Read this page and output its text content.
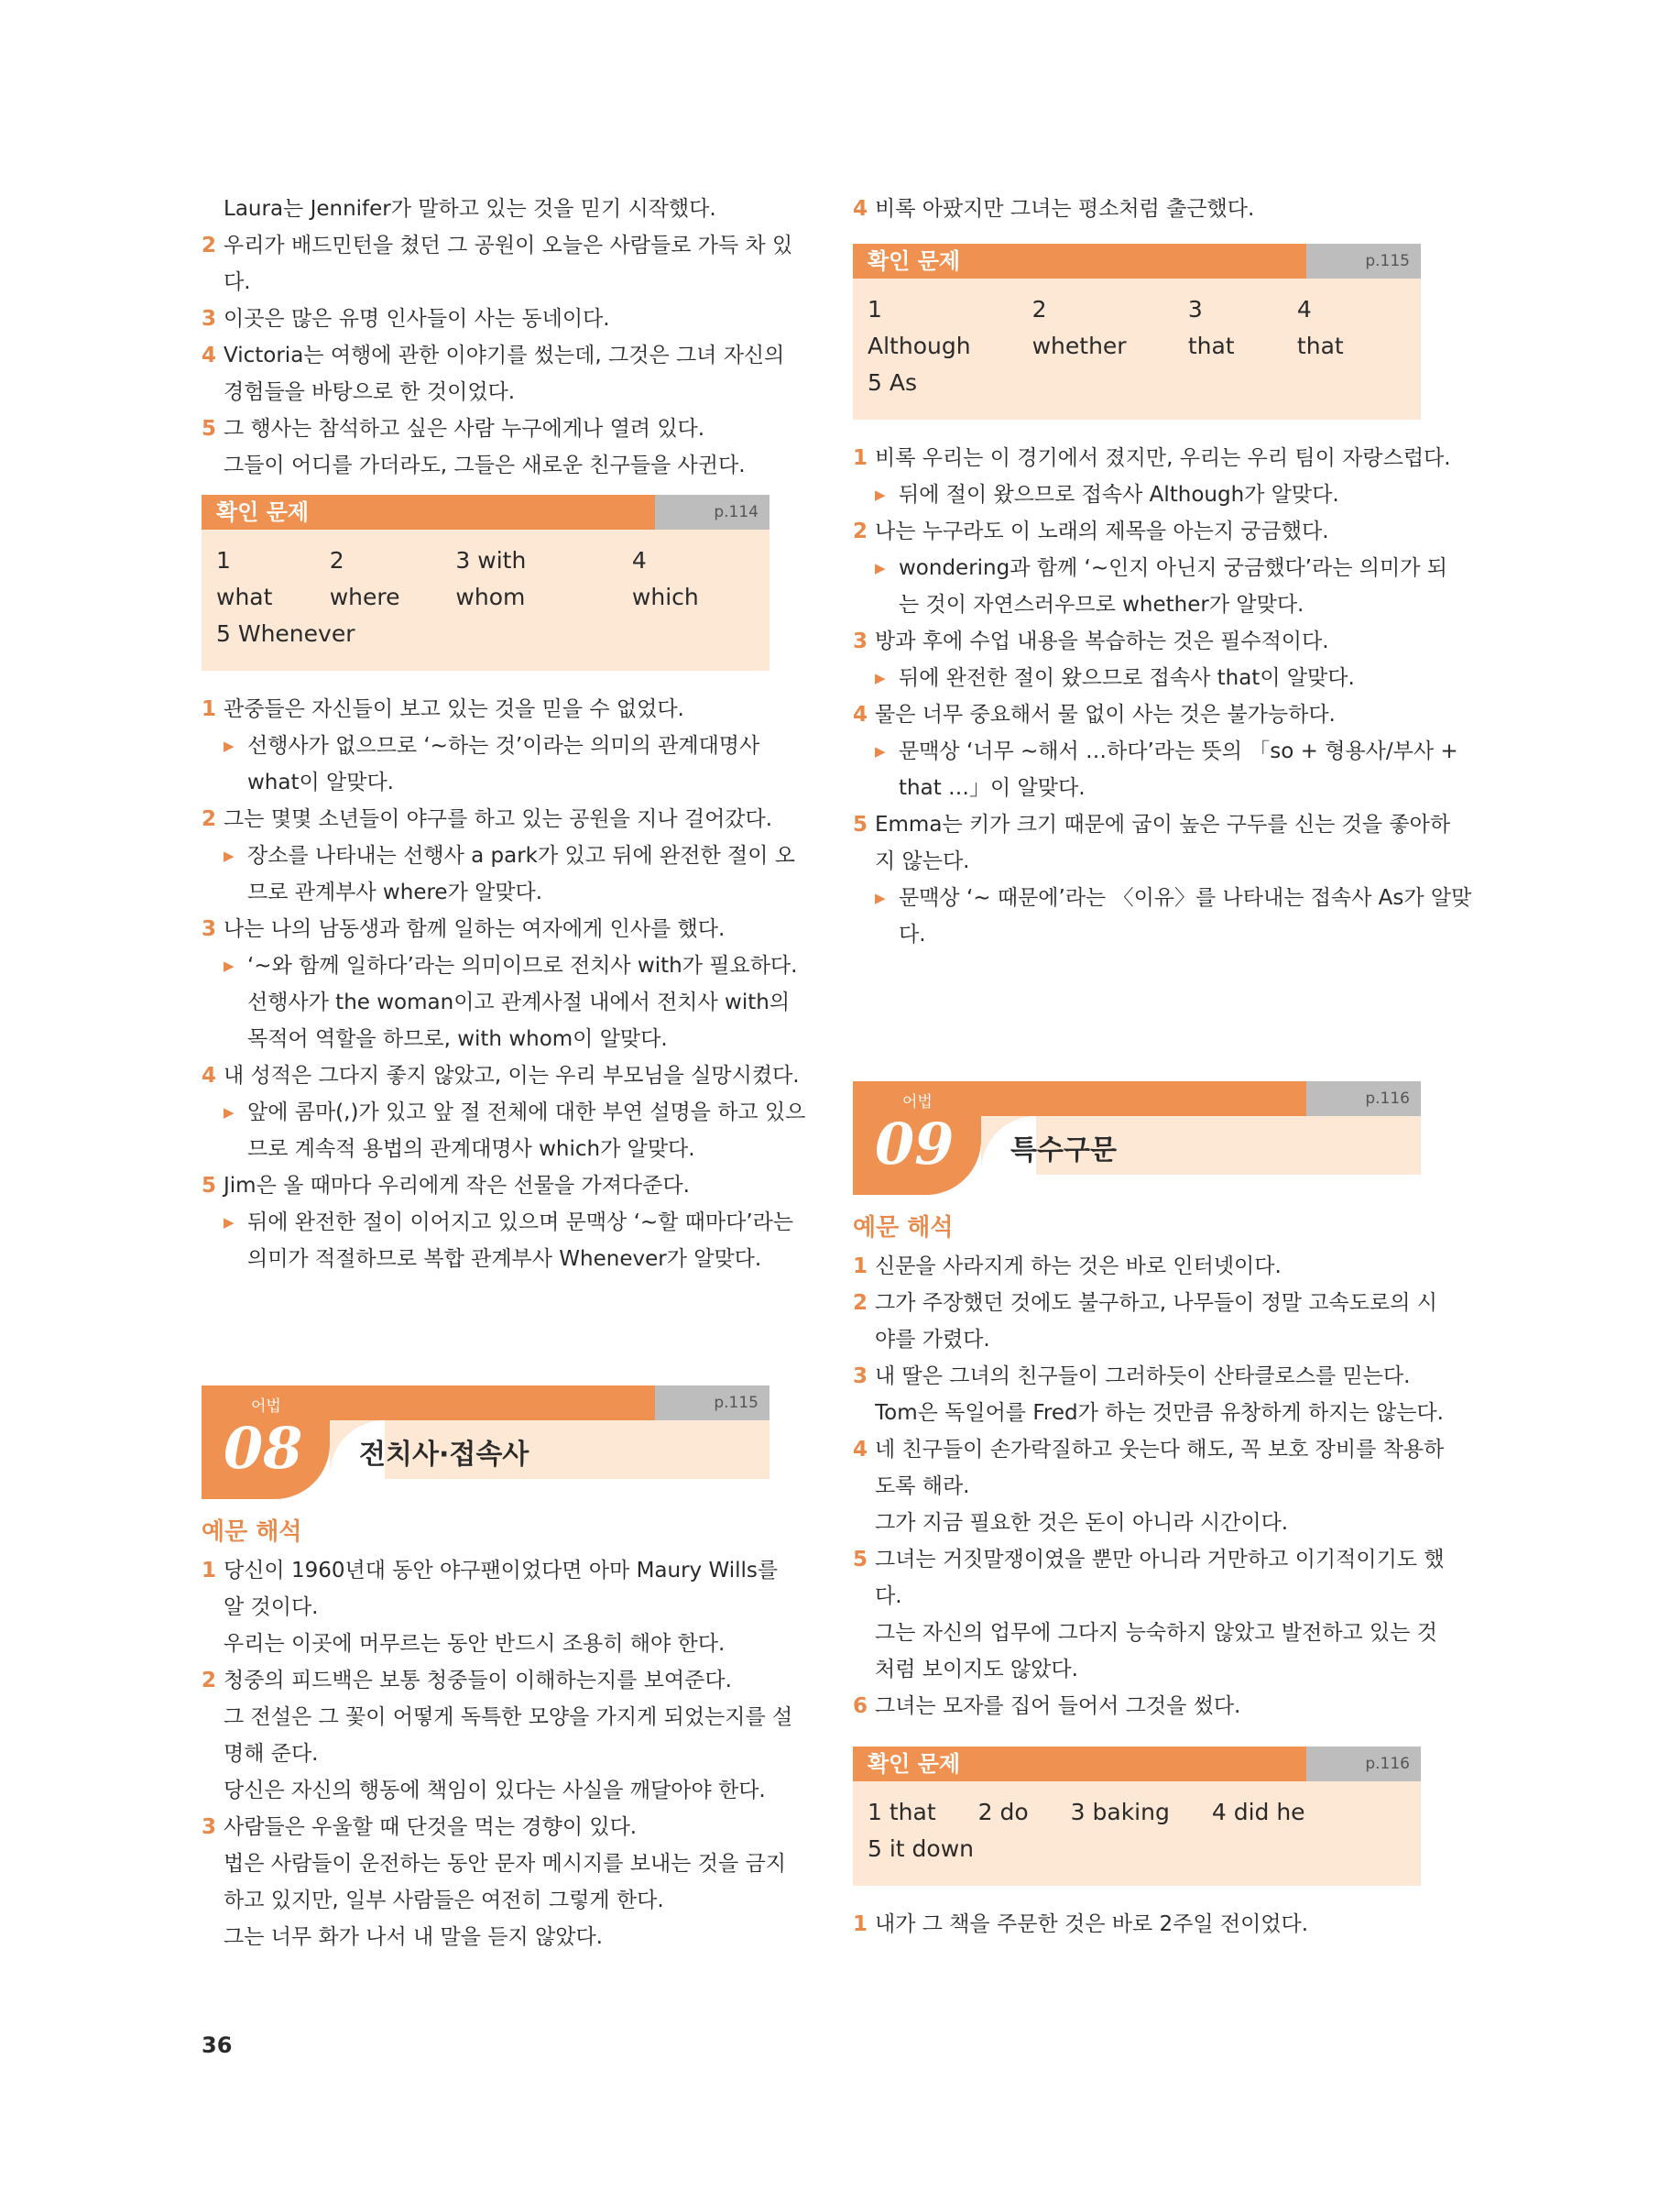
Laura는 Jennifer가 말하고 있는 것을 믿기 시작했다.
2 우리가 배드민턴을 쳤던 그 공원이 오늘은 사람들로 가득 차 있
다.
3 이곳은 많은 유명 인사들이 사는 동네이다.
4 Victoria는 여행에 관한 이야기를 썼는데, 그것은 그녀 자신의
경험들을 바탕으로 한 것이었다.
5 그 행사는 참석하고 싶은 사람 누구에게나 열려 있다.
그들이 어디를 가더라도, 그들은 새로운 친구들을 사귄다.
확인 문제	p.114
1 what
2 where
3 with whom
4 which
5 Whenever
1 관중들은 자신들이 보고 있는 것을 믿을 수 없었다.
▶ 선행사가 없으므로 ‘~하는 것’이라는 의미의 관계대명사
what이 알맞다.
2 그는 몇몇 소년들이 야구를 하고 있는 공원을 지나 걸어갔다.
▶ 장소를 나타내는 선행사 a park가 있고 뒤에 완전한 절이 오
므로 관계부사 where가 알맞다.
3 나는 나의 남동생과 함께 일하는 여자에게 인사를 했다.
▶ ‘~와 함께 일하다’라는 의미이므로 전치사 with가 필요하다.
선행사가 the woman이고 관계사절 내에서 전치사 with의
목적어 역할을 하므로, with whom이 알맞다.
4 내 성적은 그다지 좋지 않았고, 이는 우리 부모님을 실망시켰다.
▶ 앞에 콤마(,)가 있고 앞 절 전체에 대한 부연 설명을 하고 있으
므로 계속적 용법의 관계대명사 which가 알맞다.
5 Jim은 올 때마다 우리에게 작은 선물을 가져다준다.
▶ 뒤에 완전한 절이 이어지고 있으며 문맥상 ‘~할 때마다’라는
의미가 적절하므로 복합 관계부사 Whenever가 알맞다.
p.115
어법
08 전치사·접속사
예문 해석
1 당신이 1960년대 동안 야구팬이었다면 아마 Maury Wills를
알 것이다.
우리는 이곳에 머무르는 동안 반드시 조용히 해야 한다.
2 청중의 피드백은 보통 청중들이 이해하는지를 보여준다.
그 전설은 그 꽃이 어떻게 독특한 모양을 가지게 되었는지를 설
명해 준다.
당신은 자신의 행동에 책임이 있다는 사실을 깨달아야 한다.
3 사람들은 우울할 때 단것을 먹는 경향이 있다.
법은 사람들이 운전하는 동안 문자 메시지를 보내는 것을 금지
하고 있지만, 일부 사람들은 여전히 그렇게 한다.
그는 너무 화가 나서 내 말을 듣지 않았다.
4 비록 아팠지만 그녀는 평소처럼 출근했다.
확인 문제	p.115
1 Although
2 whether
3 that
4 that
5 As
1 비록 우리는 이 경기에서 졌지만, 우리는 우리 팀이 자랑스럽다.
▶ 뒤에 절이 왔으므로 접속사 Although가 알맞다.
2 나는 누구라도 이 노래의 제목을 아는지 궁금했다.
▶ wondering과 함께 ‘~인지 아닌지 궁금했다’라는 의미가 되
는 것이 자연스러우므로 whether가 알맞다.
3 방과 후에 수업 내용을 복습하는 것은 필수적이다.
▶ 뒤에 완전한 절이 왔으므로 접속사 that이 알맞다.
4 물은 너무 중요해서 물 없이 사는 것은 불가능하다.
▶ 문맥상 ‘너무 ~해서 …하다’라는 뜻의 「so + 형용사/부사 +
that …」이 알맞다.
5 Emma는 키가 크기 때문에 굽이 높은 구두를 신는 것을 좋아하
지 않는다.
▶ 문맥상 ‘~ 때문에’라는 〈이유〉를 나타내는 접속사 As가 알맞
다.
p.116
어법
09 특수구문
예문 해석
1 신문을 사라지게 하는 것은 바로 인터넷이다.
2 그가 주장했던 것에도 불구하고, 나무들이 정말 고속도로의 시
야를 가렸다.
3 내 딸은 그녀의 친구들이 그러하듯이 산타클로스를 믿는다.
Tom은 독일어를 Fred가 하는 것만큼 유창하게 하지는 않는다.
4 네 친구들이 손가락질하고 웃는다 해도, 꼭 보호 장비를 착용하
도록 해라.
그가 지금 필요한 것은 돈이 아니라 시간이다.
5 그녀는 거짓말쟁이였을 뿐만 아니라 거만하고 이기적이기도 했
다.
그는 자신의 업무에 그다지 능숙하지 않았고 발전하고 있는 것
처럼 보이지도 않았다.
6 그녀는 모자를 집어 들어서 그것을 썼다.
확인 문제	p.116
1 that 2 do 3 baking 4 did he
5 it down
1 내가 그 책을 주문한 것은 바로 2주일 전이었다.
36
